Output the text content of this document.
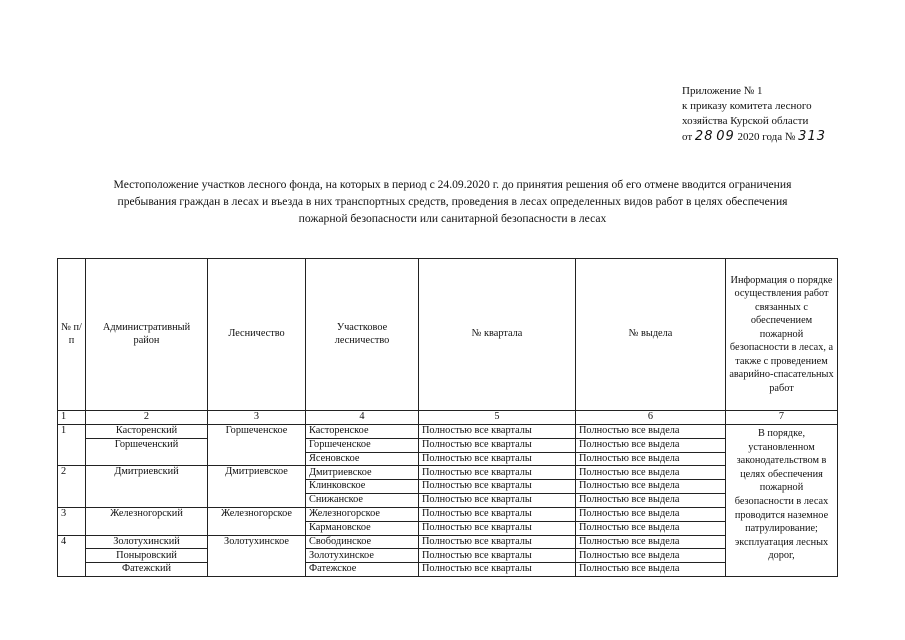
Приложение № 1
к приказу комитета лесного
хозяйства Курской области
от 28 09 2020 года № 313
Местоположение участков лесного фонда, на которых в период с 24.09.2020 г. до принятия решения об его отмене вводится ограничения
пребывания граждан в лесах и въезда в них транспортных средств, проведения в лесах определенных видов работ в целях обеспечения
пожарной безопасности или санитарной безопасности в лесах
№ п/п	Административный район	Лесничество	Участковое лесничество	№ квартала	№ выдела	Информация о порядке осуществления работ связанных с обеспечением пожарной безопасности в лесах, а также с проведением аварийно-спасательных работ
1	2	3	4	5	6	7
1	Касторенский	Горшеченское	Касторенское	Полностью все кварталы	Полностью все выдела	В порядке, установленном законодательством в целях обеспечения пожарной безопасности в лесах проводится наземное патрулирование; эксплуатация лесных дорог,
	Горшеченский		Горшеченское	Полностью все кварталы	Полностью все выдела	
			Ясеновское	Полностью все кварталы	Полностью все выдела	
2	Дмитриевский	Дмитриевское	Дмитриевское	Полностью все кварталы	Полностью все выдела	
			Клинковское	Полностью все кварталы	Полностью все выдела	
			Снижанское	Полностью все кварталы	Полностью все выдела	
3	Железногорский	Железногорское	Железногорское	Полностью все кварталы	Полностью все выдела	
			Кармановское	Полностью все кварталы	Полностью все выдела	
4	Золотухинский	Золотухинское	Свободинское	Полностью все кварталы	Полностью все выдела	
	Поныровский		Золотухинское	Полностью все кварталы	Полностью все выдела	
	Фатежский		Фатежское	Полностью все кварталы	Полностью все выдела	
